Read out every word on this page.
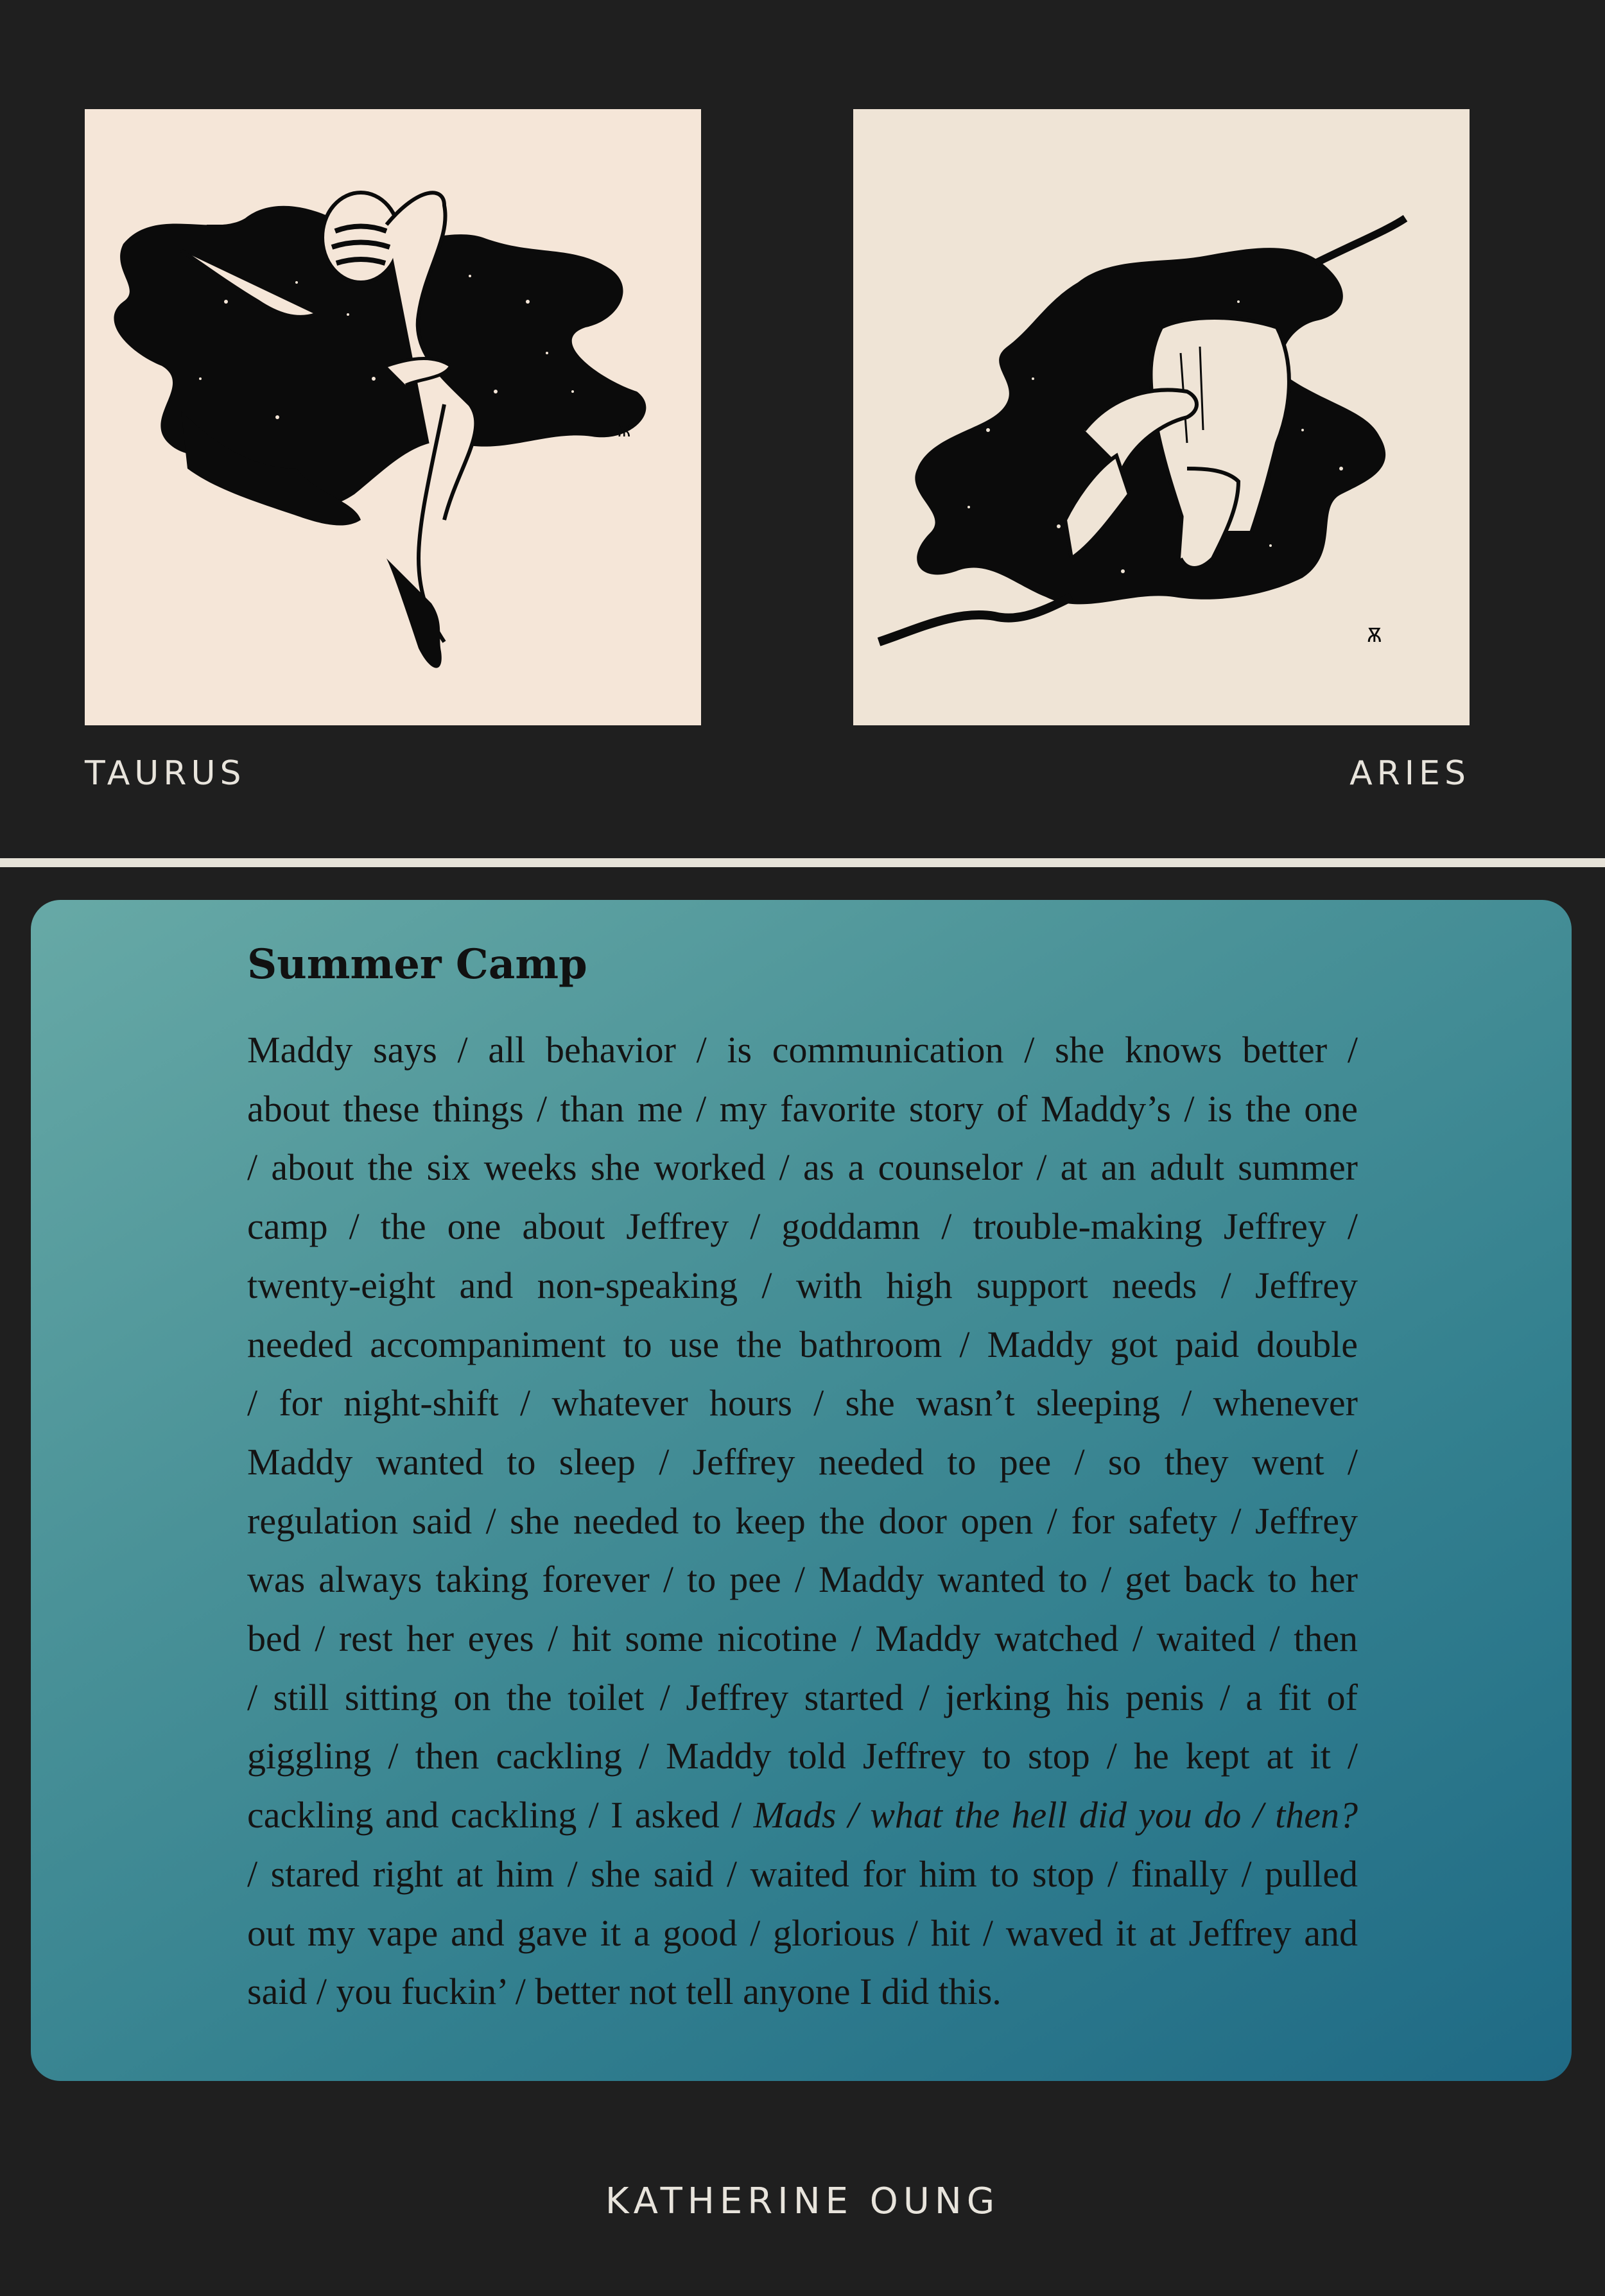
Ѫ
TAURUS
Ѫ
ARIES
Summer Camp
Maddy says / all behavior / is communication / she knows better /
about these things / than me / my favorite story of Maddy’s / is the one
/ about the six weeks she worked / as a counselor / at an adult summer
camp / the one about Jeffrey / goddamn / trouble-making Jeffrey /
twenty-eight and non-speaking / with high support needs / Jeffrey
needed accompaniment to use the bathroom / Maddy got paid double
/ for night-shift / whatever hours / she wasn’t sleeping / whenever
Maddy wanted to sleep / Jeffrey needed to pee / so they went /
regulation said / she needed to keep the door open / for safety / Jeffrey
was always taking forever / to pee / Maddy wanted to / get back to her
bed / rest her eyes / hit some nicotine / Maddy watched / waited / then
/ still sitting on the toilet / Jeffrey started / jerking his penis / a fit of
giggling / then cackling / Maddy told Jeffrey to stop / he kept at it /
cackling and cackling / I asked / Mads / what the hell did you do / then?
/ stared right at him / she said / waited for him to stop / finally / pulled
out my vape and gave it a good / glorious / hit / waved it at Jeffrey and
said / you fuckin’ / better not tell anyone I did this.
KATHERINE OUNG
